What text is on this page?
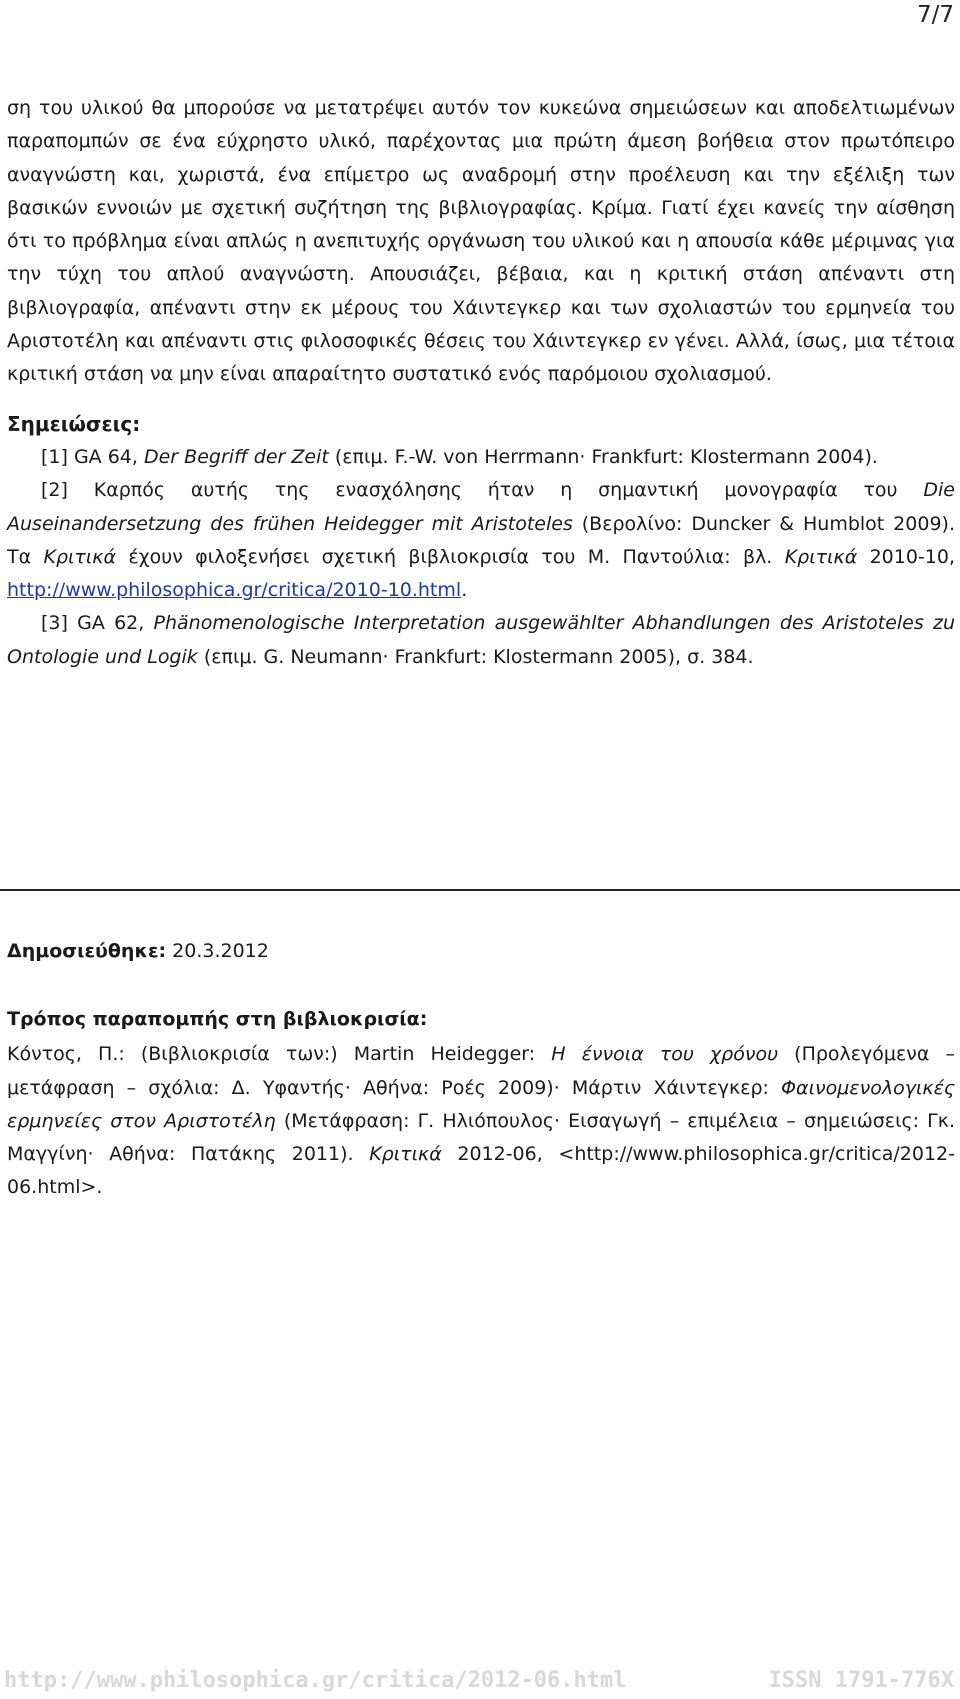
7/7

ση του υλικού θα μπορούσε να μετατρέψει αυτόν τον κυκεώνα σημειώσεων και αποδελτιωμένων παραπομπών σε ένα εύχρηστο υλικό, παρέχοντας μια πρώτη άμεση βοήθεια στον πρωτόπειρο αναγνώστη και, χωριστά, ένα επίμετρο ως αναδρομή στην προέλευση και την εξέλιξη των βασικών εννοιών με σχετική συζήτηση της βιβλιογραφίας. Κρίμα. Γιατί έχει κανείς την αίσθηση ότι το πρόβλημα είναι απλώς η ανεπιτυχής οργάνωση του υλικού και η απουσία κάθε μέριμνας για την τύχη του απλού αναγνώστη. Απουσιάζει, βέβαια, και η κριτική στάση απέναντι στη βιβλιογραφία, απέναντι στην εκ μέρους του Χάιντεγκερ και των σχολιαστών του ερμηνεία του Αριστοτέλη και απέναντι στις φιλοσοφικές θέσεις του Χάιντεγκερ εν γένει. Αλλά, ίσως, μια τέτοια κριτική στάση να μην είναι απαραίτητο συστατικό ενός παρόμοιου σχολιασμού.

Σημειώσεις:

[1] GA 64, Der Begriff der Zeit (επιμ. F.-W. von Herrmann· Frankfurt: Klostermann 2004).

[2] Καρπός αυτής της ενασχόλησης ήταν η σημαντική μονογραφία του Die Auseinandersetzung des frühen Heidegger mit Aristoteles (Βερολίνο: Duncker & Humblot 2009). Τα Κριτικά έχουν φιλοξενήσει σχετική βιβλιοκρισία του Μ. Παντούλια: βλ. Κριτικά 2010-10, http://www.philosophica.gr/critica/2010-10.html.

[3] GA 62, Phänomenologische Interpretation ausgewählter Abhandlungen des Aristoteles zu Ontologie und Logik (επιμ. G. Neumann· Frankfurt: Klostermann 2005), σ. 384.

Δημοσιεύθηκε: 20.3.2012

Τρόπος παραπομπής στη βιβλιοκρισία:

Κόντος, Π.: (Βιβλιοκρισία των:) Martin Heidegger: Η έννοια του χρόνου (Προλεγόμενα – μετάφραση – σχόλια: Δ. Υφαντής· Αθήνα: Ροές 2009)· Μάρτιν Χάιντεγκερ: Φαινομενολογικές ερμηνείες στον Αριστοτέλη (Μετάφραση: Γ. Ηλιόπουλος· Εισαγωγή – επιμέλεια – σημειώσεις: Γκ. Μαγγίνη· Αθήνα: Πατάκης 2011). Κριτικά 2012-06, <http://www.philosophica.gr/critica/2012-06.html>.

http://www.philosophica.gr/critica/2012-06.html	ISSN 1791-776X
